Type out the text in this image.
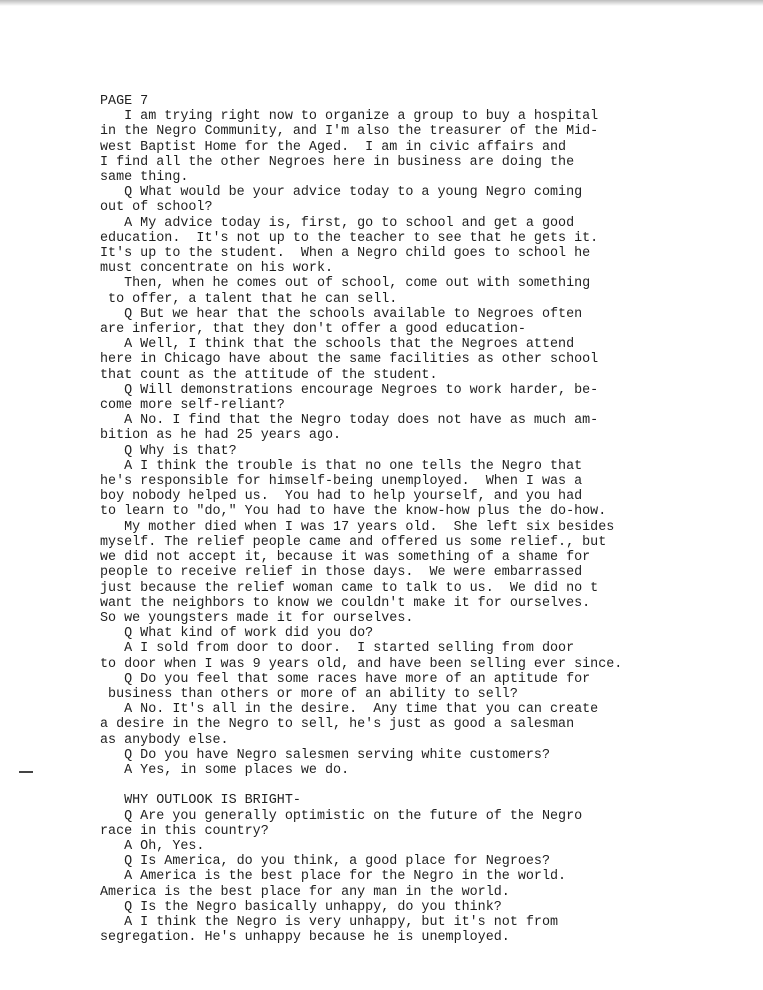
PAGE 7
I am trying right now to organize a group to buy a hospital
in the Negro Community, and I'm also the treasurer of the Mid-
west Baptist Home for the Aged.  I am in civic affairs and
I find all the other Negroes here in business are doing the
same thing.
Q What would be your advice today to a young Negro coming
out of school?
A My advice today is, first, go to school and get a good
education.  It's not up to the teacher to see that he gets it.
It's up to the student.  When a Negro child goes to school he
must concentrate on his work.
Then, when he comes out of school, come out with something
to offer, a talent that he can sell.
Q But we hear that the schools available to Negroes often
are inferior, that they don't offer a good education-
A Well, I think that the schools that the Negroes attend
here in Chicago have about the same facilities as other school
that count as the attitude of the student.
Q Will demonstrations encourage Negroes to work harder, be-
come more self-reliant?
A No. I find that the Negro today does not have as much am-
bition as he had 25 years ago.
Q Why is that?
A I think the trouble is that no one tells the Negro that
he's responsible for himself-being unemployed.  When I was a
boy nobody helped us.  You had to help yourself, and you had
to learn to "do," You had to have the know-how plus the do-how.
My mother died when I was 17 years old.  She left six besides
myself. The relief people came and offered us some relief., but
we did not accept it, because it was something of a shame for
people to receive relief in those days.  We were embarrassed
just because the relief woman came to talk to us.  We did no t
want the neighbors to know we couldn't make it for ourselves.
So we youngsters made it for ourselves.
Q What kind of work did you do?
A I sold from door to door.  I started selling from door
to door when I was 9 years old, and have been selling ever since.
Q Do you feel that some races have more of an aptitude for
business than others or more of an ability to sell?
A No. It's all in the desire.  Any time that you can create
a desire in the Negro to sell, he's just as good a salesman
as anybody else.
Q Do you have Negro salesmen serving white customers?
A Yes, in some places we do.
WHY OUTLOOK IS BRIGHT-
Q Are you generally optimistic on the future of the Negro
race in this country?
A Oh, Yes.
Q Is America, do you think, a good place for Negroes?
A America is the best place for the Negro in the world.
America is the best place for any man in the world.
Q Is the Negro basically unhappy, do you think?
A I think the Negro is very unhappy, but it's not from
segregation. He's unhappy because he is unemployed.
